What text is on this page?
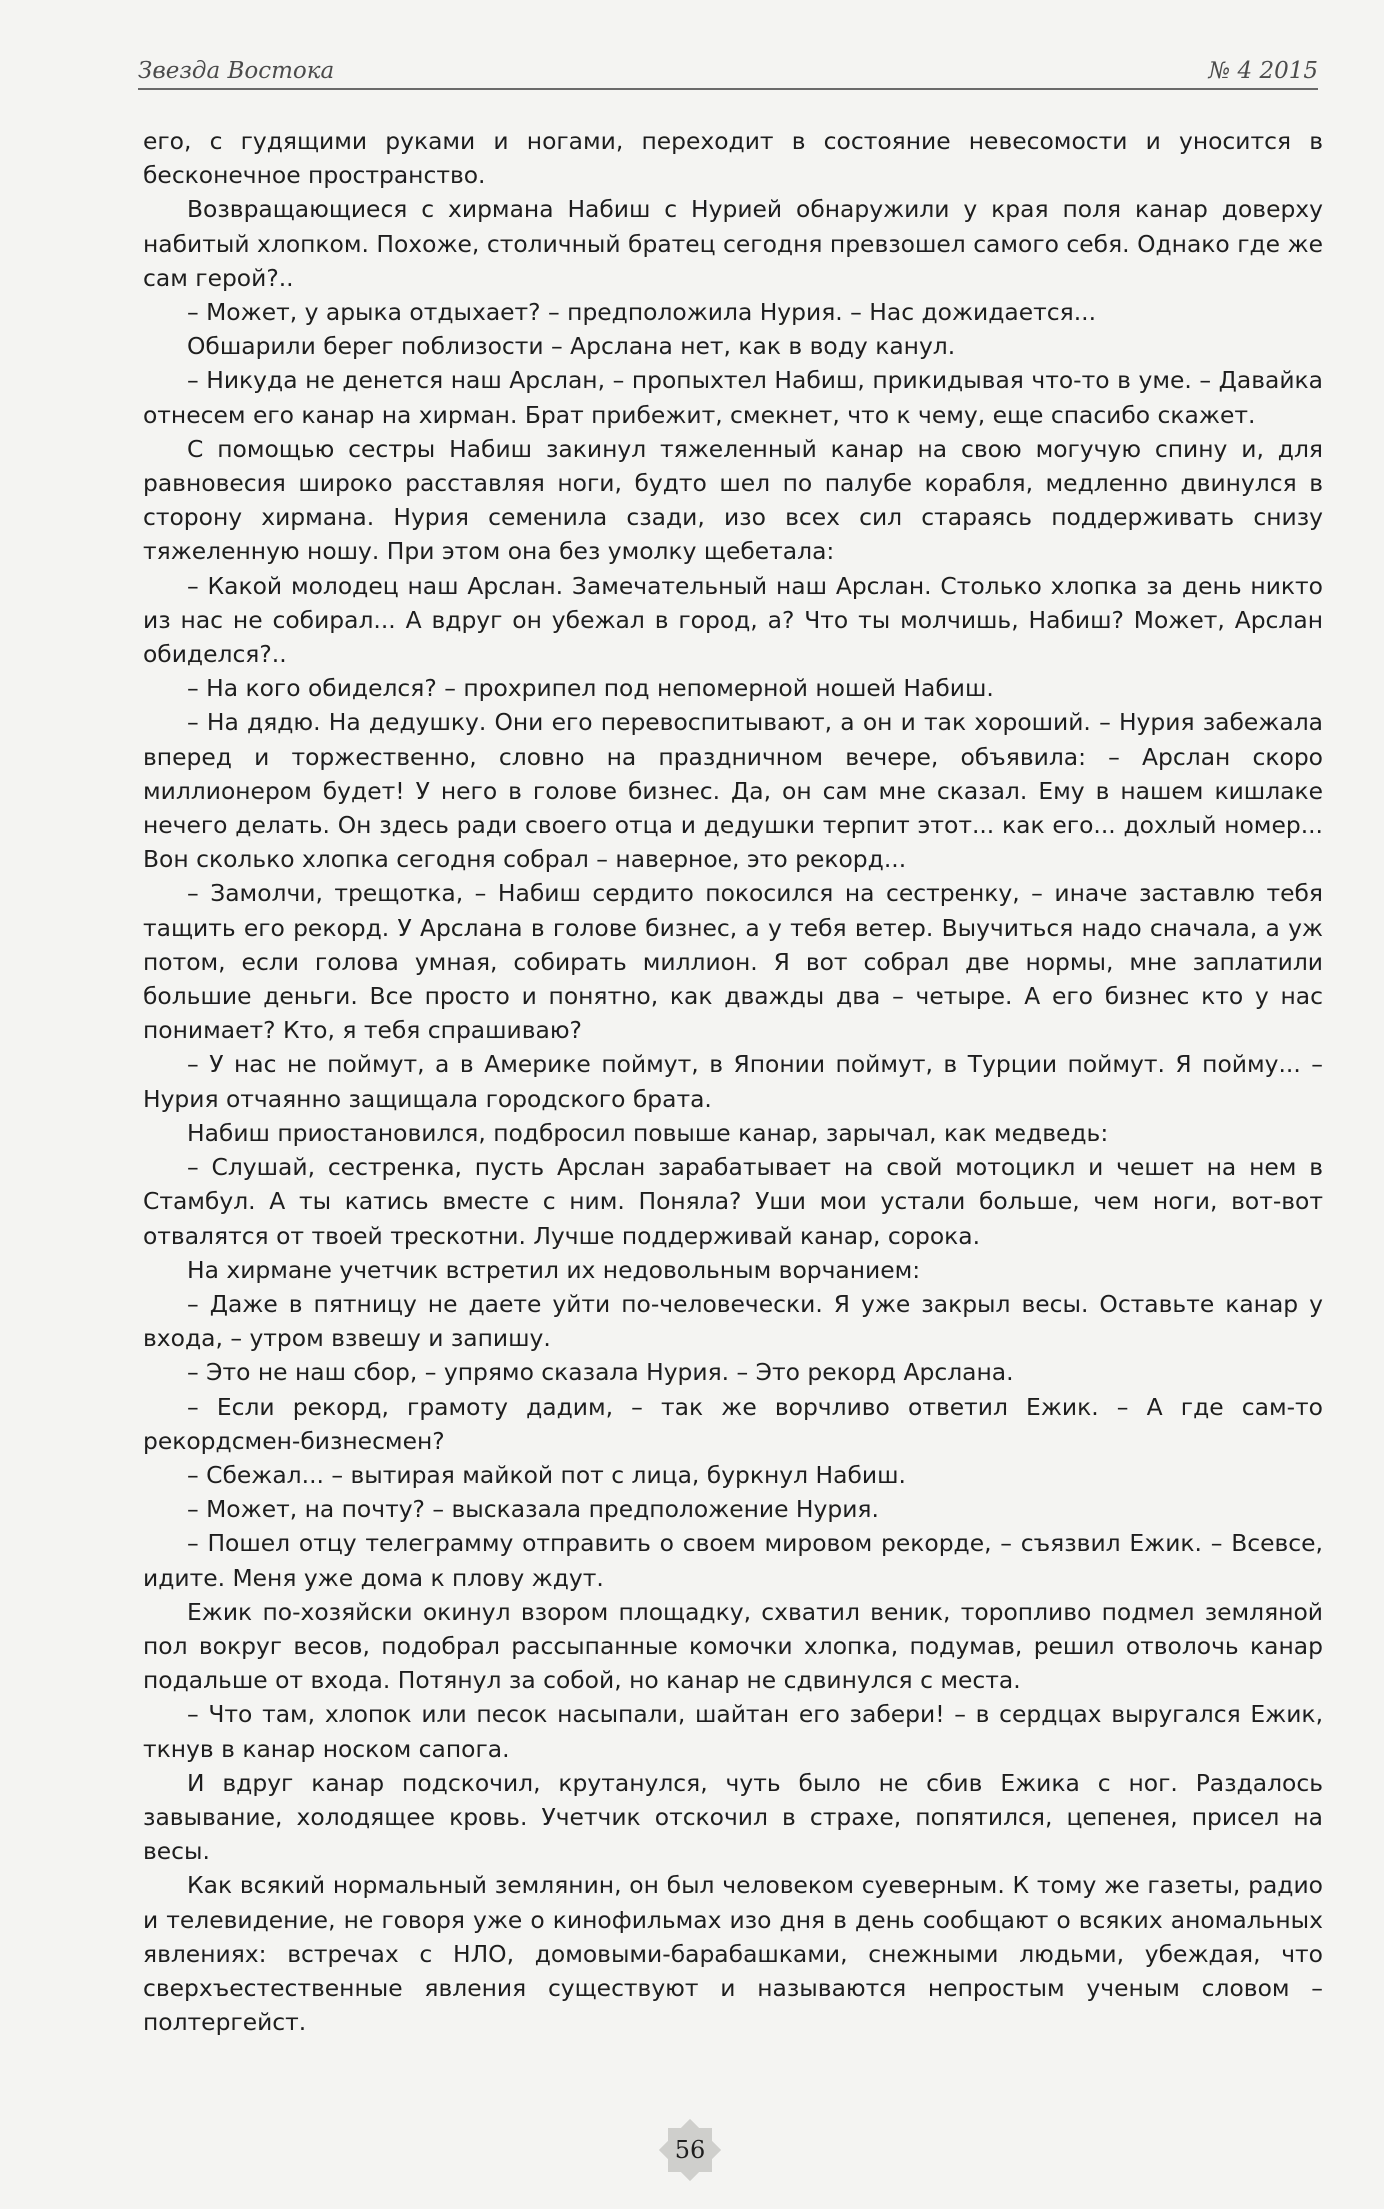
Звезда Востока	№ 4 2015

его, с гудящими руками и ногами, переходит в состояние невесомости и уносится в бесконечное пространство.

Возвращающиеся с хирмана Набиш с Нурией обнаружили у края поля канар доверху набитый хлопком. Похоже, столичный братец сегодня превзошел самого себя. Однако где же сам герой?..

– Может, у арыка отдыхает? – предположила Нурия. – Нас дожидается...

Обшарили берег поблизости – Арслана нет, как в воду канул.

– Никуда не денется наш Арслан, – пропыхтел Набиш, прикидывая что-то в уме. – Давайка отнесем его канар на хирман. Брат прибежит, смекнет, что к чему, еще спасибо скажет.

С помощью сестры Набиш закинул тяжеленный канар на свою могучую спину и, для равновесия широко расставляя ноги, будто шел по палубе корабля, медленно двинулся в сторону хирмана. Нурия семенила сзади, изо всех сил стараясь поддерживать снизу тяжеленную ношу. При этом она без умолку щебетала:

– Какой молодец наш Арслан. Замечательный наш Арслан. Столько хлопка за день никто из нас не собирал... А вдруг он убежал в город, а? Что ты молчишь, Набиш? Может, Арслан обиделся?..

– На кого обиделся? – прохрипел под непомерной ношей Набиш.

– На дядю. На дедушку. Они его перевоспитывают, а он и так хороший. – Нурия забежала вперед и торжественно, словно на праздничном вечере, объявила: – Арслан скоро миллионером будет! У него в голове бизнес. Да, он сам мне сказал. Ему в нашем кишлаке нечего делать. Он здесь ради своего отца и дедушки терпит этот... как его... дохлый номер... Вон сколько хлопка сегодня собрал – наверное, это рекорд...

– Замолчи, трещотка, – Набиш сердито покосился на сестренку, – иначе заставлю тебя тащить его рекорд. У Арслана в голове бизнес, а у тебя ветер. Выучиться надо сначала, а уж потом, если голова умная, собирать миллион. Я вот собрал две нормы, мне заплатили большие деньги. Все просто и понятно, как дважды два – четыре. А его бизнес кто у нас понимает? Кто, я тебя спрашиваю?

– У нас не поймут, а в Америке поймут, в Японии поймут, в Турции поймут. Я пойму... – Нурия отчаянно защищала городского брата.

Набиш приостановился, подбросил повыше канар, зарычал, как медведь:

– Слушай, сестренка, пусть Арслан зарабатывает на свой мотоцикл и чешет на нем в Стамбул. А ты катись вместе с ним. Поняла? Уши мои устали больше, чем ноги, вот-вот отвалятся от твоей трескотни. Лучше поддерживай канар, сорока.

На хирмане учетчик встретил их недовольным ворчанием:

– Даже в пятницу не даете уйти по-человечески. Я уже закрыл весы. Оставьте канар у входа, – утром взвешу и запишу.

– Это не наш сбор, – упрямо сказала Нурия. – Это рекорд Арслана.

– Если рекорд, грамоту дадим, – так же ворчливо ответил Ежик. – А где сам-то рекордсмен-бизнесмен?

– Сбежал... – вытирая майкой пот с лица, буркнул Набиш.

– Может, на почту? – высказала предположение Нурия.

– Пошел отцу телеграмму отправить о своем мировом рекорде, – съязвил Ежик. – Всевсе, идите. Меня уже дома к плову ждут.

Ежик по-хозяйски окинул взором площадку, схватил веник, торопливо подмел земляной пол вокруг весов, подобрал рассыпанные комочки хлопка, подумав, решил отволочь канар подальше от входа. Потянул за собой, но канар не сдвинулся с места.

– Что там, хлопок или песок насыпали, шайтан его забери! – в сердцах выругался Ежик, ткнув в канар носком сапога.

И вдруг канар подскочил, крутанулся, чуть было не сбив Ежика с ног. Раздалось завывание, холодящее кровь. Учетчик отскочил в страхе, попятился, цепенея, присел на весы.

Как всякий нормальный землянин, он был человеком суеверным. К тому же газеты, радио и телевидение, не говоря уже о кинофильмах изо дня в день сообщают о всяких аномальных явлениях: встречах с НЛО, домовыми-барабашками, снежными людьми, убеждая, что сверхъестественные явления существуют и называются непростым ученым словом – полтергейст.

56
